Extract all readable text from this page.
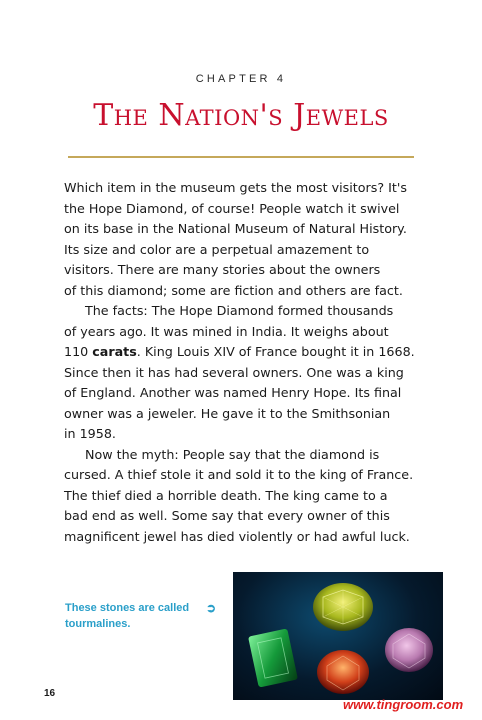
CHAPTER 4
The Nation's Jewels
Which item in the museum gets the most visitors? It's
the Hope Diamond, of course! People watch it swivel
on its base in the National Museum of Natural History.
Its size and color are a perpetual amazement to
visitors. There are many stories about the owners
of this diamond; some are fiction and others are fact.
The facts: The Hope Diamond formed thousands
of years ago. It was mined in India. It weighs about
110 carats. King Louis XIV of France bought it in 1668.
Since then it has had several owners. One was a king
of England. Another was named Henry Hope. Its final
owner was a jeweler. He gave it to the Smithsonian
in 1958.
Now the myth: People say that the diamond is
cursed. A thief stole it and sold it to the king of France.
The thief died a horrible death. The king came to a
bad end as well. Some say that every owner of this
magnificent jewel has died violently or had awful luck.
These stones are called tourmalines.
➲
16
www.tingroom.com
